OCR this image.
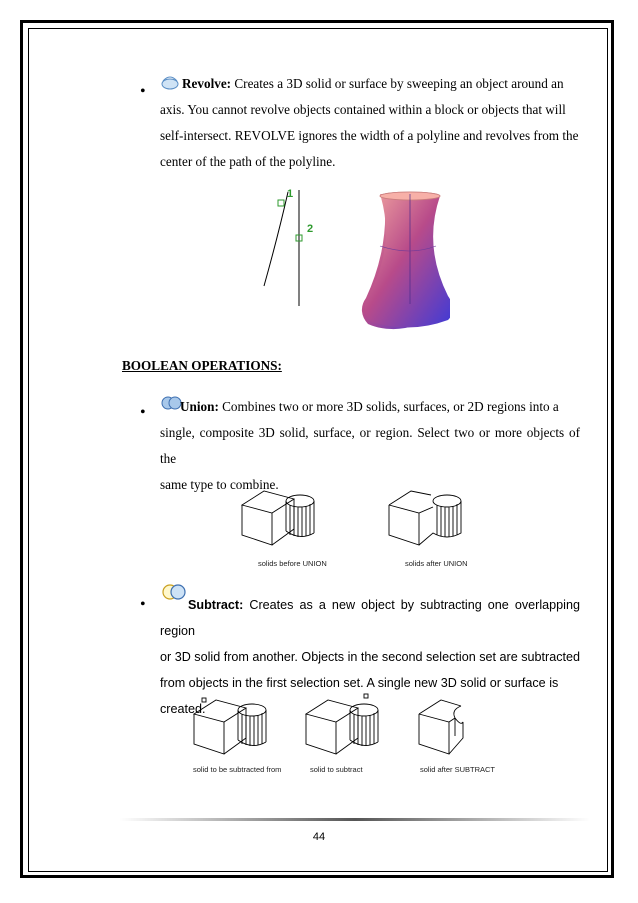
•	Revolve: Creates a 3D solid or surface by sweeping an object around an
axis. You cannot revolve objects contained within a block or objects that will
self-intersect. REVOLVE ignores the width of a polyline and revolves from the
center of the path of the polyline.
1
2
BOOLEAN OPERATIONS:
•	Union: Combines two or more 3D solids, surfaces, or 2D regions into a
single, composite 3D solid, surface, or region. Select two or more objects of the
same type to combine.
solids before UNION	solids after UNION
•	Subtract: Creates as a new object by subtracting one overlapping region
or 3D solid from another. Objects in the second selection set are subtracted
from objects in the first selection set. A single new 3D solid or surface is
created.
solid to be subtracted from	solid to subtract	solid after SUBTRACT
44
